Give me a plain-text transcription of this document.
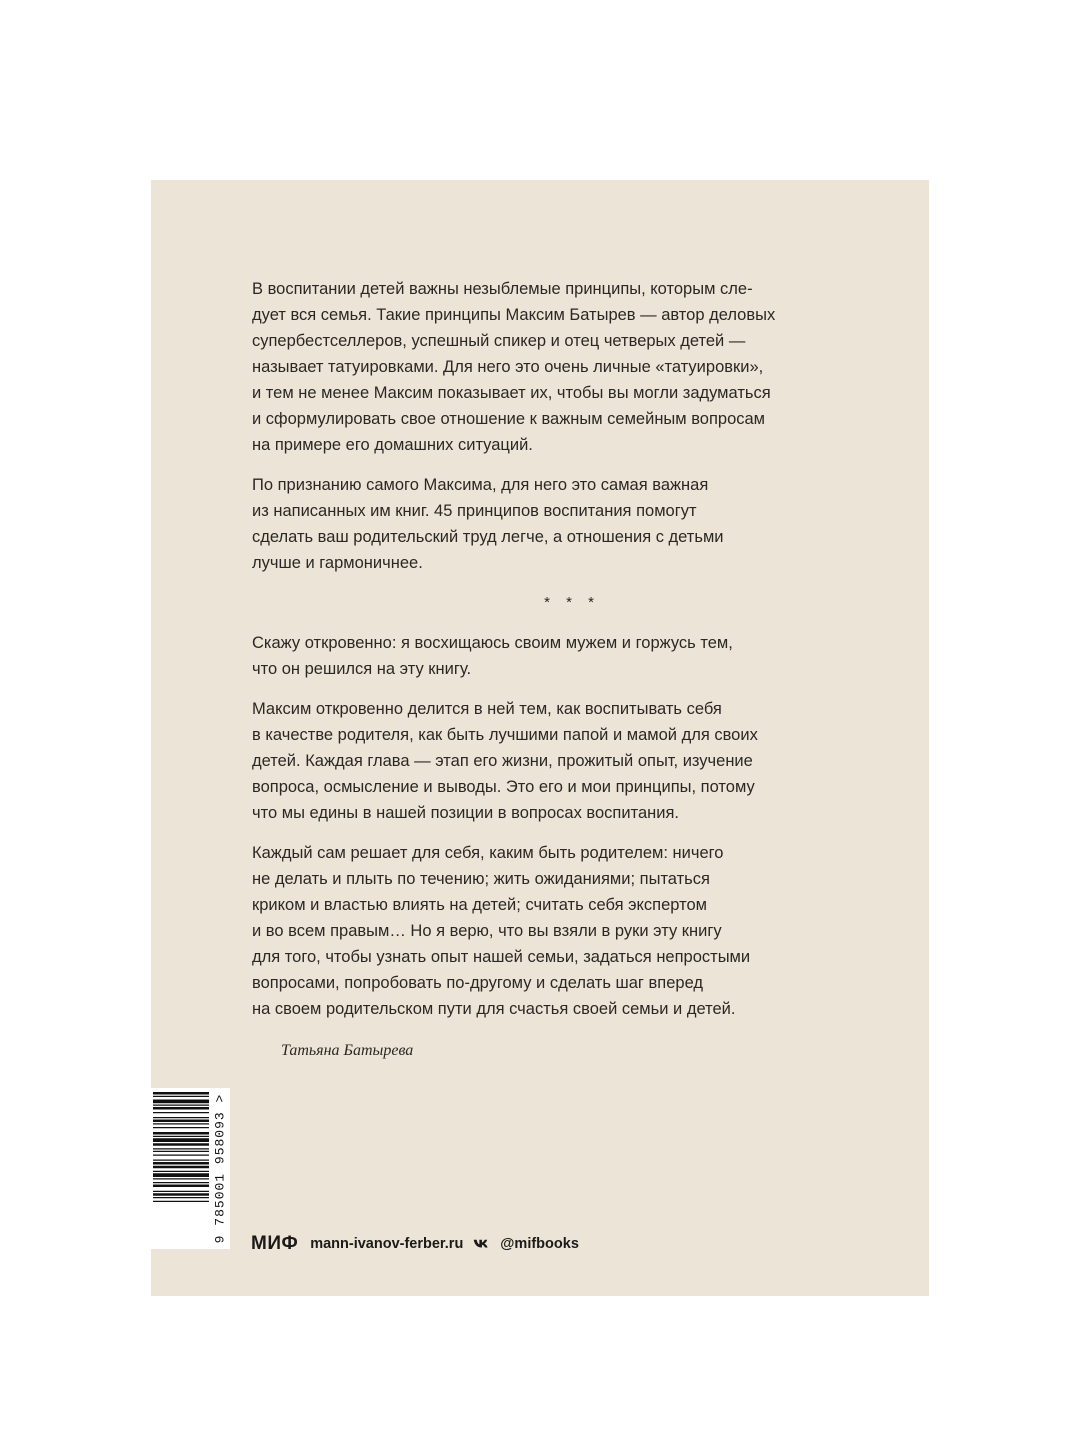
В воспитании детей важны незыблемые принципы, которым сле-
дует вся семья. Такие принципы Максим Батырев — автор деловых
супербестселлеров, успешный спикер и отец четверых детей —
называет татуировками. Для него это очень личные «татуировки»,
и тем не менее Максим показывает их, чтобы вы могли задуматься
и сформулировать свое отношение к важным семейным вопросам
на примере его домашних ситуаций.

По признанию самого Максима, для него это самая важная
из написанных им книг. 45 принципов воспитания помогут
сделать ваш родительский труд легче, а отношения с детьми
лучше и гармоничнее.

* * *

Скажу откровенно: я восхищаюсь своим мужем и горжусь тем,
что он решился на эту книгу.

Максим откровенно делится в ней тем, как воспитывать себя
в качестве родителя, как быть лучшими папой и мамой для своих
детей. Каждая глава — этап его жизни, прожитый опыт, изучение
вопроса, осмысление и выводы. Это его и мои принципы, потому
что мы едины в нашей позиции в вопросах воспитания.

Каждый сам решает для себя, каким быть родителем: ничего
не делать и плыть по течению; жить ожиданиями; пытаться
криком и властью влиять на детей; считать себя экспертом
и во всем правым… Но я верю, что вы взяли в руки эту книгу
для того, чтобы узнать опыт нашей семьи, задаться непростыми
вопросами, попробовать по-другому и сделать шаг вперед
на своем родительском пути для счастья своей семьи и детей.

Татьяна Батырева
9 785001 958093 >
МИФ mann-ivanov-ferber.ru	@mifbooks
